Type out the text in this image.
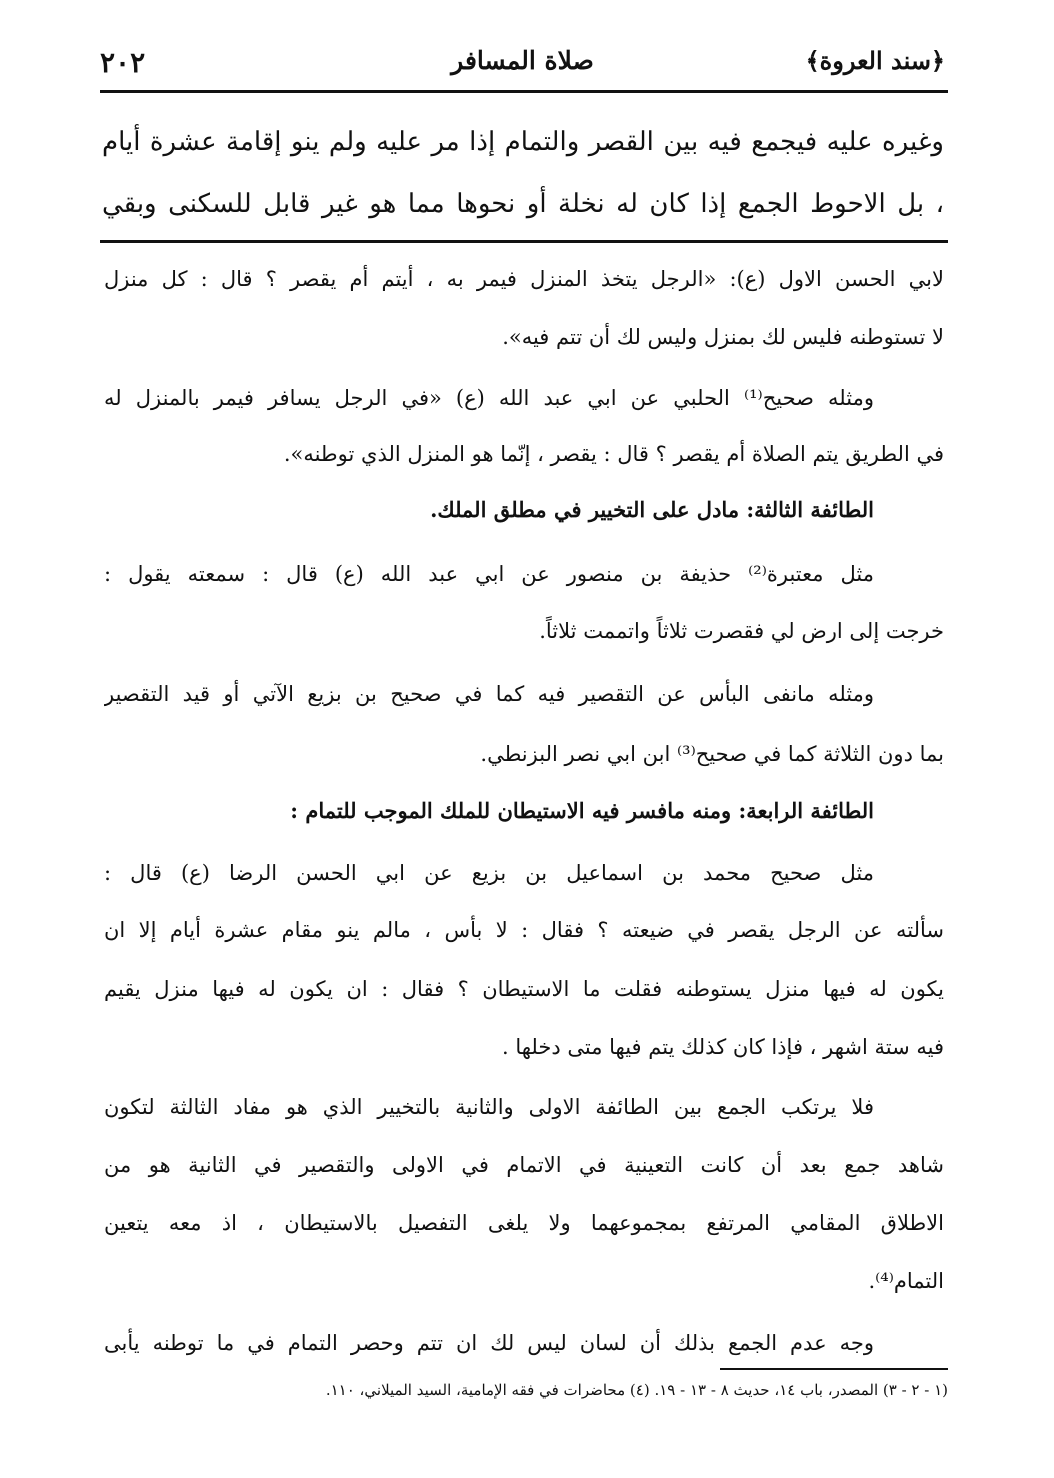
٢٠٢	صلاة المسافر	﴿سند العروة﴾
وغيره عليه فيجمع فيه بين القصر والتمام إذا مر عليه ولم ينو إقامة عشرة أيام
، بل الاحوط الجمع إذا كان له نخلة أو نحوها مما هو غير قابل للسكنى وبقي
لابي الحسن الاول (ع): «الرجل يتخذ المنزل فيمر به ، أيتم أم يقصر ؟ قال : كل منزل
لا تستوطنه فليس لك بمنزل وليس لك أن تتم فيه».
ومثله صحيح⁽¹⁾ الحلبي عن ابي عبد الله (ع) «في الرجل يسافر فيمر بالمنزل له
في الطريق يتم الصلاة أم يقصر ؟ قال : يقصر ، إنّما هو المنزل الذي توطنه».
الطائفة الثالثة: مادل على التخيير في مطلق الملك.
مثل معتبرة⁽²⁾ حذيفة بن منصور عن ابي عبد الله (ع) قال : سمعته يقول :
خرجت إلى ارض لي فقصرت ثلاثاً واتممت ثلاثاً.
ومثله مانفى البأس عن التقصير فيه كما في صحيح بن بزيع الآتي أو قيد التقصير
بما دون الثلاثة كما في صحيح⁽³⁾ ابن ابي نصر البزنطي.
الطائفة الرابعة: ومنه مافسر فيه الاستيطان للملك الموجب للتمام :
مثل صحيح محمد بن اسماعيل بن بزيع عن ابي الحسن الرضا (ع) قال :
سألته عن الرجل يقصر في ضيعته ؟ فقال : لا بأس ، مالم ينو مقام عشرة أيام إلا ان
يكون له فيها منزل يستوطنه فقلت ما الاستيطان ؟ فقال : ان يكون له فيها منزل يقيم
فيه ستة اشهر ، فإذا كان كذلك يتم فيها متى دخلها .
فلا يرتكب الجمع بين الطائفة الاولى والثانية بالتخيير الذي هو مفاد الثالثة لتكون
شاهد جمع بعد أن كانت التعينية في الاتمام في الاولى والتقصير في الثانية هو من
الاطلاق المقامي المرتفع بمجموعهما ولا يلغى التفصيل بالاستيطان ، اذ معه يتعين
التمام⁽⁴⁾.
وجه عدم الجمع بذلك أن لسان ليس لك ان تتم وحصر التمام في ما توطنه يأبى
(١ - ٢ - ٣) المصدر، باب ١٤، حديث ٨ - ١٣ - ١٩. (٤) محاضرات في فقه الإمامية، السيد الميلاني، ١١٠.
